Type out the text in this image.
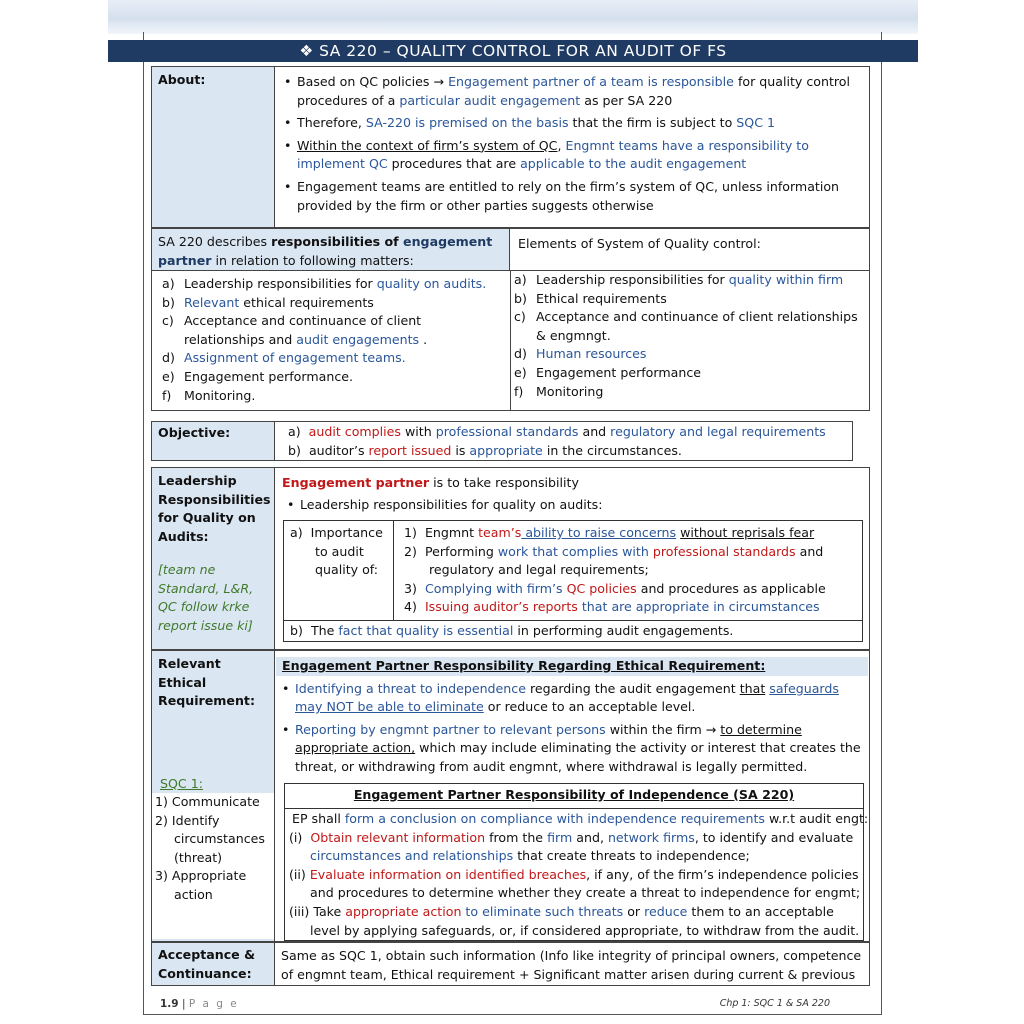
❖ SA 220 – QUALITY CONTROL FOR AN AUDIT OF FS
About:
•	Based on QC policies → Engagement partner of a team is responsible for quality control
procedures of a particular audit engagement as per SA 220
• Therefore, SA-220 is premised on the basis that the firm is subject to SQC 1
• Within the context of firm’s system of QC, Engmnt teams have a responsibility to
implement QC procedures that are applicable to the audit engagement
• Engagement teams are entitled to rely on the firm’s system of QC, unless information
provided by the firm or other parties suggests otherwise
SA 220 describes responsibilities of engagement
partner in relation to following matters:
Elements of System of Quality control:
a) Leadership responsibilities for quality on audits.
b) Relevant ethical requirements
c) Acceptance and continuance of client
relationships and audit engagements .
d) Assignment of engagement teams.
e) Engagement performance.
f)	Monitoring.
a) Leadership responsibilities for quality within firm
b) Ethical requirements
c) Acceptance and continuance of client relationships
& engmngt.
d) Human resources
e) Engagement performance
f)	Monitoring
Objective:	a) audit complies with professional standards and regulatory and legal requirements
b) auditor’s report issued is appropriate in the circumstances.
Leadership
Responsibilities
for Quality on
Audits:
[team ne
Standard, L&R,
QC follow krke
report issue ki]
Engagement partner is to take responsibility
• Leadership responsibilities for quality on audits:
a) Importance
to audit
quality of:
1) Engmnt team’s ability to raise concerns without reprisals fear
2) Performing work that complies with professional standards and
regulatory and legal requirements;
3) Complying with firm’s QC policies and procedures as applicable
4) Issuing auditor’s reports that are appropriate in circumstances
b) The fact that quality is essential in performing audit engagements.
Relevant Ethical
Requirement:
SQC 1:
1) Communicate
2) Identify
circumstances
(threat)
3) Appropriate
action
Engagement Partner Responsibility Regarding Ethical Requirement:
• Identifying a threat to independence regarding the audit engagement that safeguards
may NOT be able to eliminate or reduce to an acceptable level.
• Reporting by engmnt partner to relevant persons within the firm → to determine
appropriate action, which may include eliminating the activity or interest that creates the
threat, or withdrawing from audit engmnt, where withdrawal is legally permitted.
Engagement Partner Responsibility of Independence (SA 220)
EP shall form a conclusion on compliance with independence requirements w.r.t audit engt:
(i) Obtain relevant information from the firm and, network firms, to identify and evaluate
circumstances and relationships that create threats to independence;
(ii) Evaluate information on identified breaches, if any, of the firm’s independence policies
and procedures to determine whether they create a threat to independence for engmt;
(iii) Take appropriate action to eliminate such threats or reduce them to an acceptable
level by applying safeguards, or, if considered appropriate, to withdraw from the audit.
Acceptance &
Continuance:
Same as SQC 1, obtain such information (Info like integrity of principal owners, competence
of engmnt team, Ethical requirement + Significant matter arisen during current & previous
1.9 | P a g e	Chp 1: SQC 1 & SA 220
